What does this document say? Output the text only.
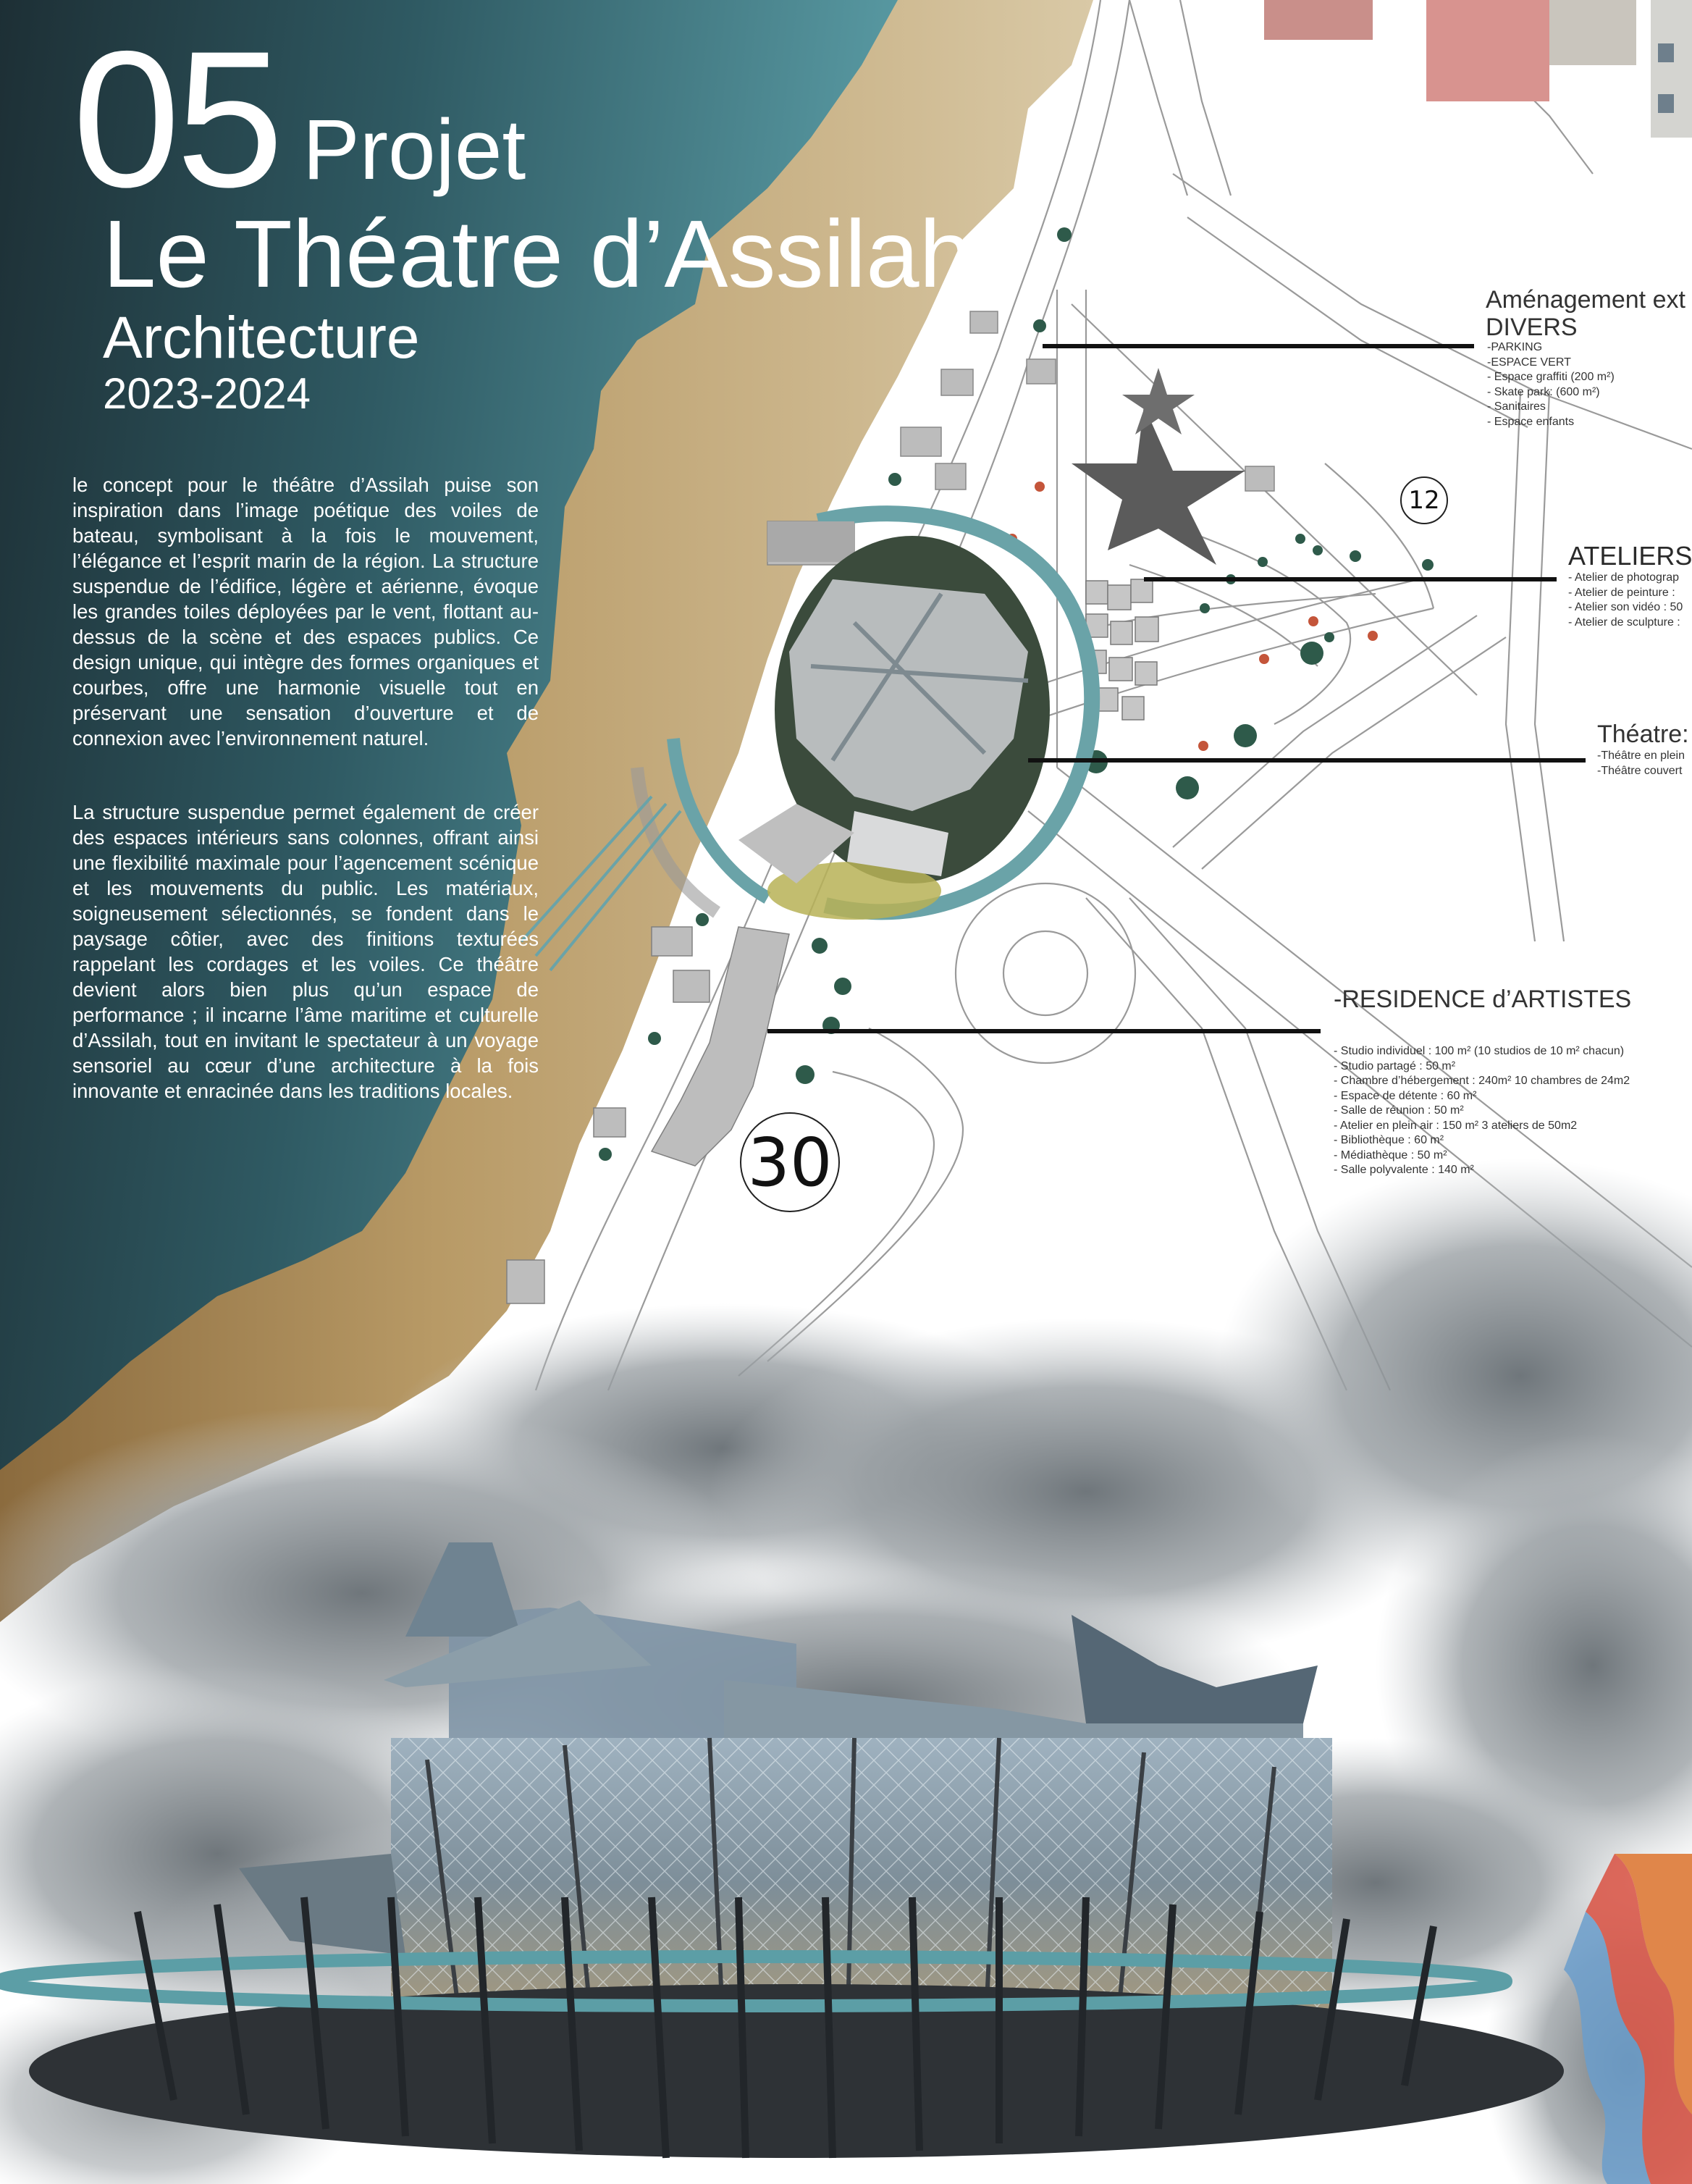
05 Projet
Le Théatre d’Assilah
Architecture
2023-2024

le concept pour le théâtre d’Assilah puise son inspiration dans l’image poétique des voiles de bateau, symbolisant à la fois le mouvement, l’élégance et l’esprit marin de la région. La structure suspendue de l’édifice, légère et aérienne, évoque les grandes toiles déployées par le vent, flottant au-dessus de la scène et des espaces publics. Ce design unique, qui intègre des formes organiques et courbes, offre une harmonie visuelle tout en préservant une sensation d’ouverture et de connexion avec l’environnement naturel.

La structure suspendue permet également de créer des espaces intérieurs sans colonnes, offrant ainsi une flexibilité maximale pour l’agencement scénique et les mouvements du public. Les matériaux, soigneusement sélectionnés, se fondent dans le paysage côtier, avec des finitions texturées rappelant les cordages et les voiles. Ce théâtre devient alors bien plus qu’un espace de performance ; il incarne l’âme maritime et culturelle d’Assilah, tout en invitant le spectateur à un voyage sensoriel au cœur d’une architecture à la fois innovante et enracinée dans les traditions locales.

Aménagement ext
DIVERS
-PARKING
-ESPACE VERT
- Espace graffiti (200 m²)
- Skate park: (600 m²)
- Sanitaires
- Espace enfants
ATELIERS
- Atelier de photograp
- Atelier de peinture :
- Atelier son vidéo : 50
- Atelier de sculpture :
Théatre:
-Théâtre en plein
-Théâtre couvert
-RESIDENCE d’ARTISTES
- Studio individuel : 100 m² (10 studios de 10 m² chacun)
- Studio partagé : 50 m²
- Chambre d’hébergement : 240m² 10 chambres de 24m2
- Espace de détente : 60 m²
- Salle de réunion : 50 m²
- Atelier en plein air : 150 m² 3 ateliers de 50m2
- Bibliothèque : 60 m²
- Médiathèque : 50 m²
- Salle polyvalente : 140 m²
12
30
